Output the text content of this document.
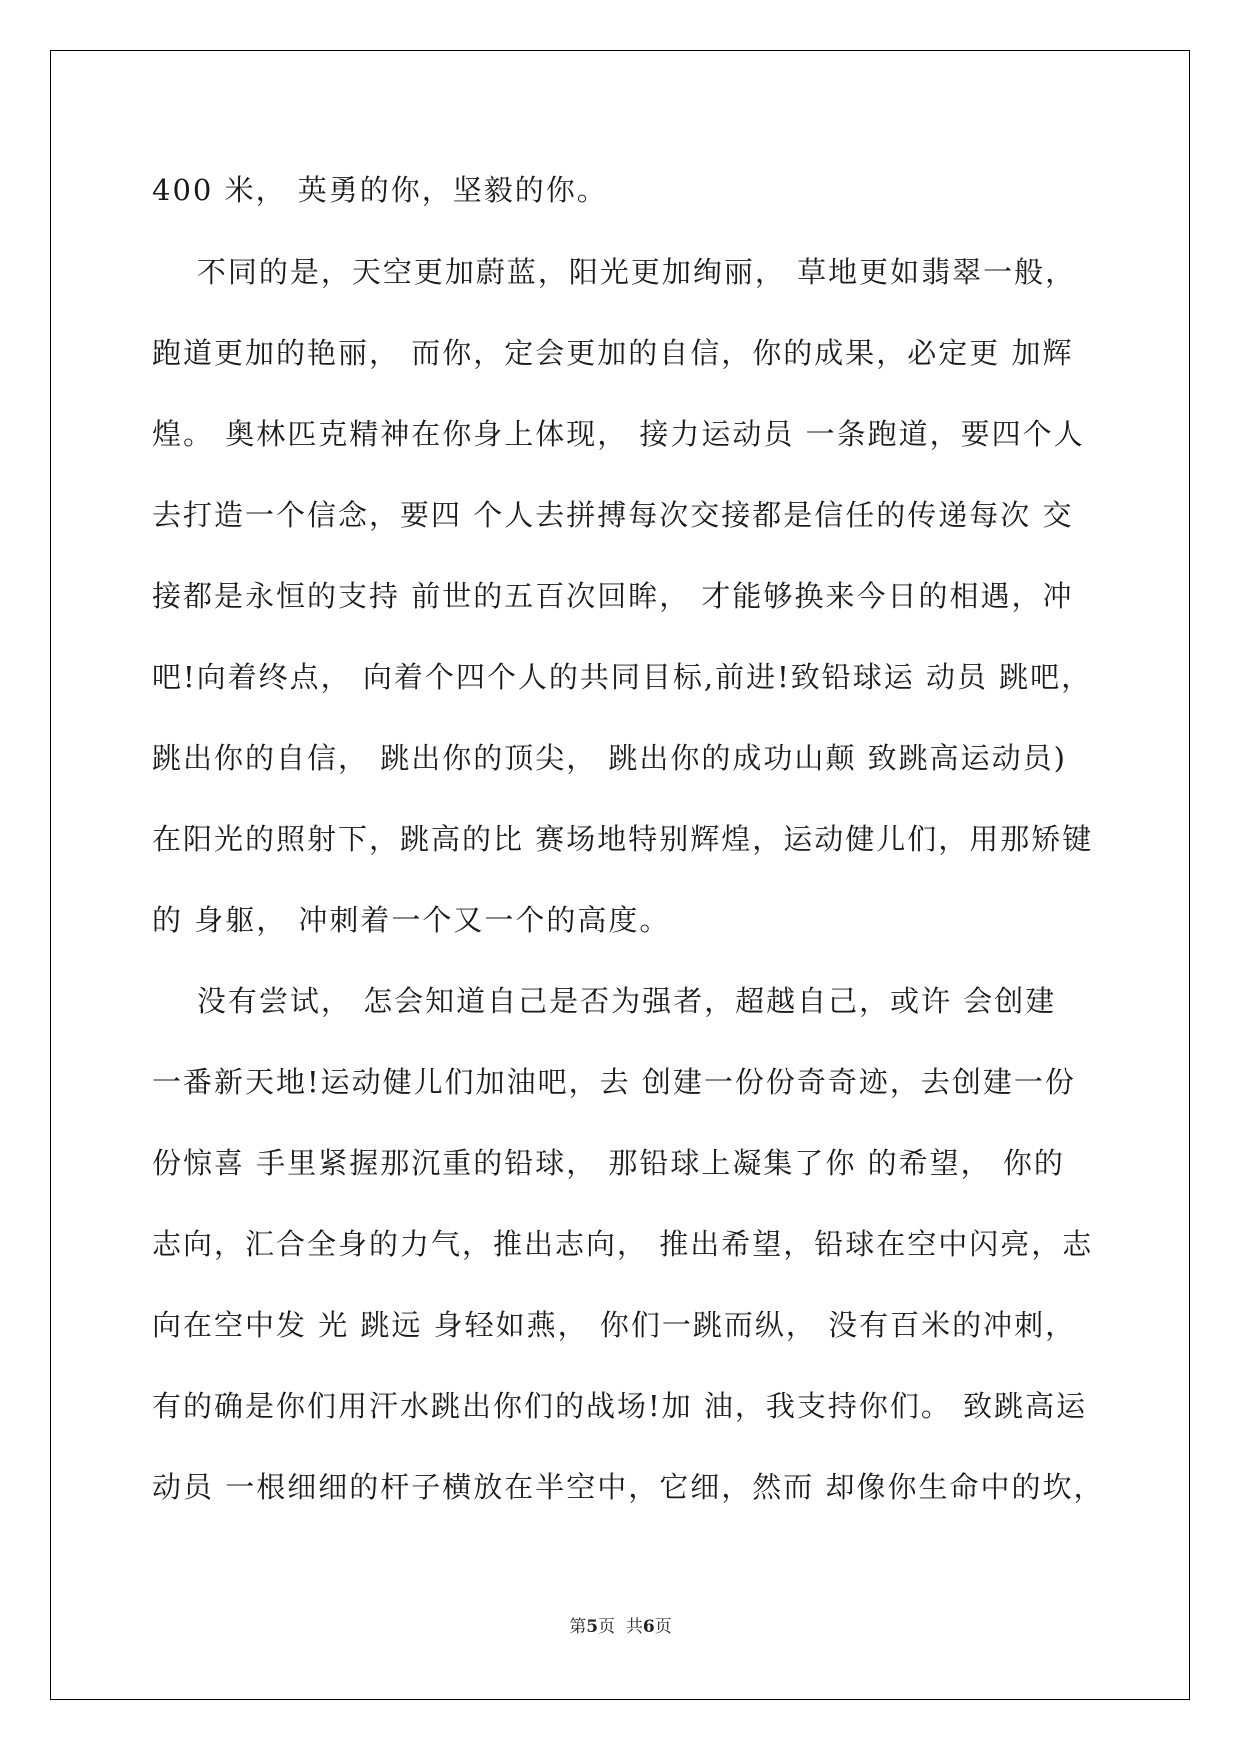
400 米， 英勇的你，坚毅的你。

不同的是，天空更加蔚蓝，阳光更加绚丽， 草地更如翡翠一般，

跑道更加的艳丽， 而你，定会更加的自信，你的成果，必定更 加辉

煌。 奥林匹克精神在你身上体现， 接力运动员 一条跑道，要四个人

去打造一个信念，要四 个人去拼搏每次交接都是信任的传递每次 交

接都是永恒的支持 前世的五百次回眸， 才能够换来今日的相遇，冲

吧!向着终点， 向着个四个人的共同目标,前进!致铅球运 动员 跳吧，

跳出你的自信， 跳出你的顶尖， 跳出你的成功山颠 致跳高运动员)

在阳光的照射下，跳高的比 赛场地特别辉煌，运动健儿们，用那矫键

的 身躯， 冲刺着一个又一个的高度。

没有尝试， 怎会知道自己是否为强者，超越自己，或许 会创建

一番新天地!运动健儿们加油吧，去 创建一份份奇奇迹，去创建一份

份惊喜 手里紧握那沉重的铅球， 那铅球上凝集了你 的希望， 你的

志向，汇合全身的力气，推出志向， 推出希望，铅球在空中闪亮，志

向在空中发 光 跳远 身轻如燕， 你们一跳而纵， 没有百米的冲刺，

有的确是你们用汗水跳出你们的战场!加 油，我支持你们。 致跳高运

动员 一根细细的杆子横放在半空中，它细，然而 却像你生命中的坎，

第5页  共6页
